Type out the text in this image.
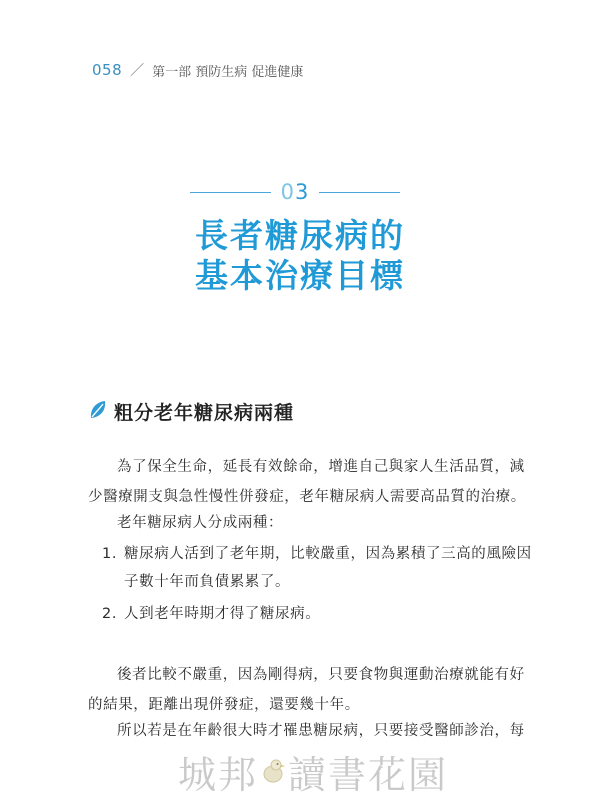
058 ／ 第一部 預防生病 促進健康
03
長者糖尿病的
基本治療目標
粗分老年糖尿病兩種

為了保全生命，延長有效餘命，增進自己與家人生活品質，減少醫療開支與急性慢性併發症，老年糖尿病人需要高品質的治療。

老年糖尿病人分成兩種：

1. 糖尿病人活到了老年期，比較嚴重，因為累積了三高的風險因子數十年而負債累累了。
2. 人到老年時期才得了糖尿病。

後者比較不嚴重，因為剛得病，只要食物與運動治療就能有好的結果，距離出現併發症，還要幾十年。

所以若是在年齡很大時才罹患糖尿病，只要接受醫師診治，每

城邦 讀書花園
